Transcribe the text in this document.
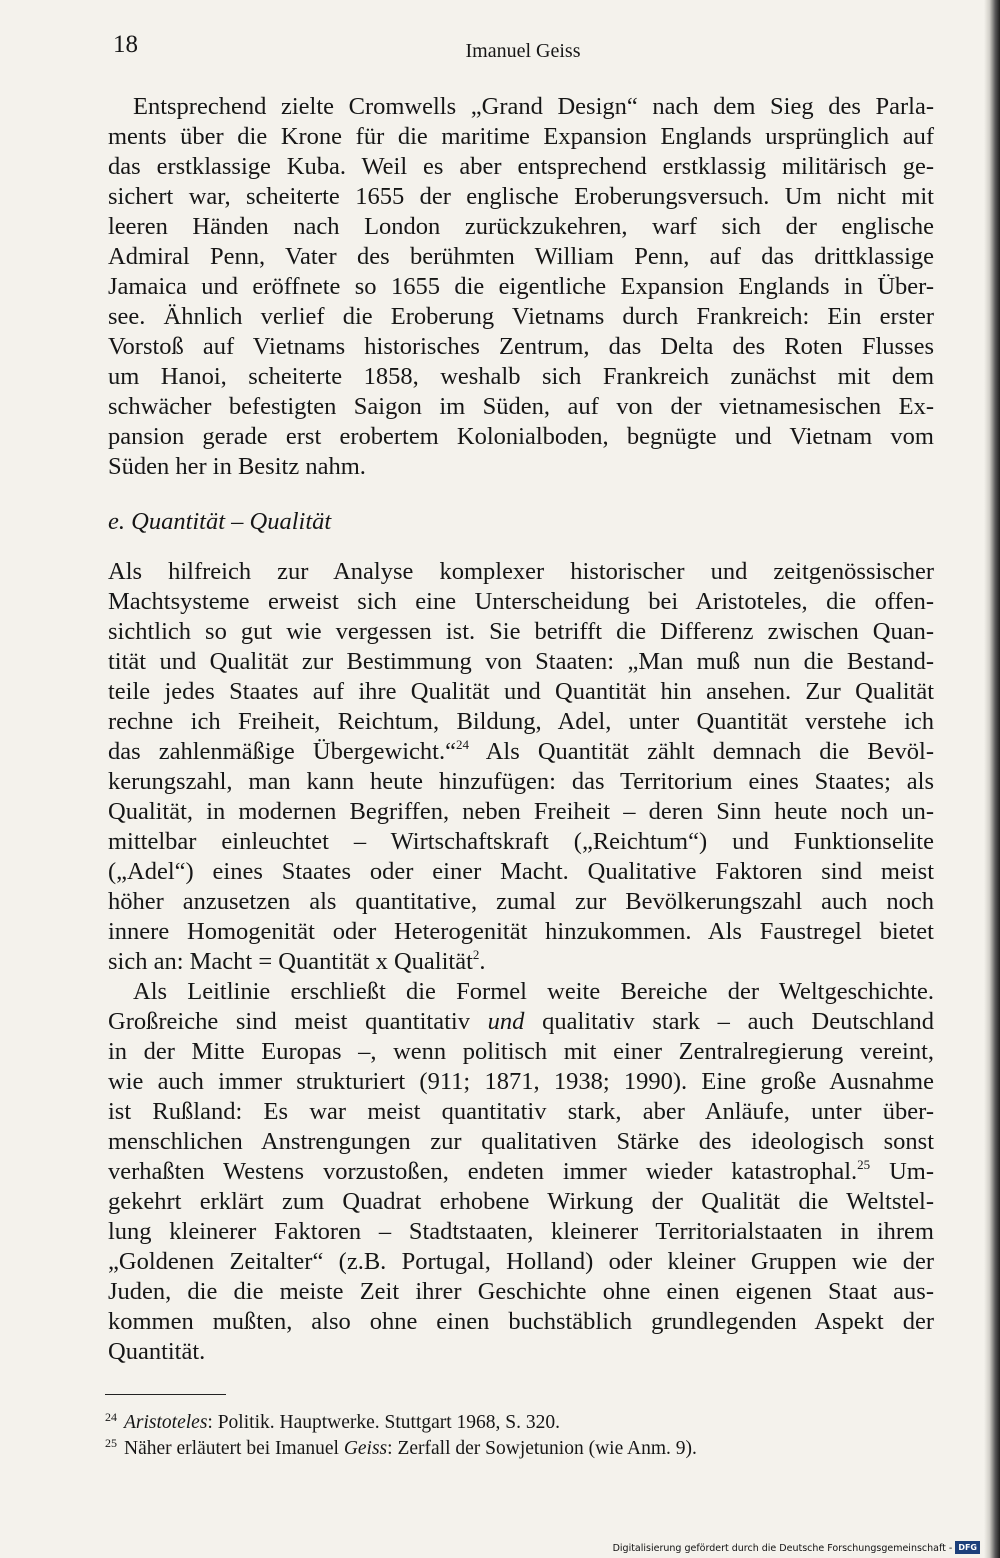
18	Imanuel Geiss
Entsprechend zielte Cromwells „Grand Design“ nach dem Sieg des Parla-
ments über die Krone für die maritime Expansion Englands ursprünglich auf
das erstklassige Kuba. Weil es aber entsprechend erstklassig militärisch ge-
sichert war, scheiterte 1655 der englische Eroberungsversuch. Um nicht mit
leeren Händen nach London zurückzukehren, warf sich der englische
Admiral Penn, Vater des berühmten William Penn, auf das drittklassige
Jamaica und eröffnete so 1655 die eigentliche Expansion Englands in Über-
see. Ähnlich verlief die Eroberung Vietnams durch Frankreich: Ein erster
Vorstoß auf Vietnams historisches Zentrum, das Delta des Roten Flusses
um Hanoi, scheiterte 1858, weshalb sich Frankreich zunächst mit dem
schwächer befestigten Saigon im Süden, auf von der vietnamesischen Ex-
pansion gerade erst erobertem Kolonialboden, begnügte und Vietnam vom
Süden her in Besitz nahm.
e. Quantität – Qualität
Als hilfreich zur Analyse komplexer historischer und zeitgenössischer
Machtsysteme erweist sich eine Unterscheidung bei Aristoteles, die offen-
sichtlich so gut wie vergessen ist. Sie betrifft die Differenz zwischen Quan-
tität und Qualität zur Bestimmung von Staaten: „Man muß nun die Bestand-
teile jedes Staates auf ihre Qualität und Quantität hin ansehen. Zur Qualität
rechne ich Freiheit, Reichtum, Bildung, Adel, unter Quantität verstehe ich
das zahlenmäßige Übergewicht.“$^{24}$ Als Quantität zählt demnach die Bevöl-
kerungszahl, man kann heute hinzufügen: das Territorium eines Staates; als
Qualität, in modernen Begriffen, neben Freiheit – deren Sinn heute noch un-
mittelbar einleuchtet – Wirtschaftskraft („Reichtum“) und Funktionselite
(„Adel“) eines Staates oder einer Macht. Qualitative Faktoren sind meist
höher anzusetzen als quantitative, zumal zur Bevölkerungszahl auch noch
innere Homogenität oder Heterogenität hinzukommen. Als Faustregel bietet
sich an: Macht = Quantität x Qualität$^2$.
Als Leitlinie erschließt die Formel weite Bereiche der Weltgeschichte.
Großreiche sind meist quantitativ und qualitativ stark – auch Deutschland
in der Mitte Europas –, wenn politisch mit einer Zentralregierung vereint,
wie auch immer strukturiert (911; 1871, 1938; 1990). Eine große Ausnahme
ist Rußland: Es war meist quantitativ stark, aber Anläufe, unter über-
menschlichen Anstrengungen zur qualitativen Stärke des ideologisch sonst
verhaßten Westens vorzustoßen, endeten immer wieder katastrophal.$^{25}$ Um-
gekehrt erklärt zum Quadrat erhobene Wirkung der Qualität die Weltstel-
lung kleinerer Faktoren – Stadtstaaten, kleinerer Territorialstaaten in ihrem
„Goldenen Zeitalter“ (z.B. Portugal, Holland) oder kleiner Gruppen wie der
Juden, die die meiste Zeit ihrer Geschichte ohne einen eigenen Staat aus-
kommen mußten, also ohne einen buchstäblich grundlegenden Aspekt der
Quantität.
$^{24}$ Aristoteles: Politik. Hauptwerke. Stuttgart 1968, S. 320.
$^{25}$ Näher erläutert bei Imanuel Geiss: Zerfall der Sowjetunion (wie Anm. 9).
Digitalisierung gefördert durch die Deutsche Forschungsgemeinschaft - DFG
